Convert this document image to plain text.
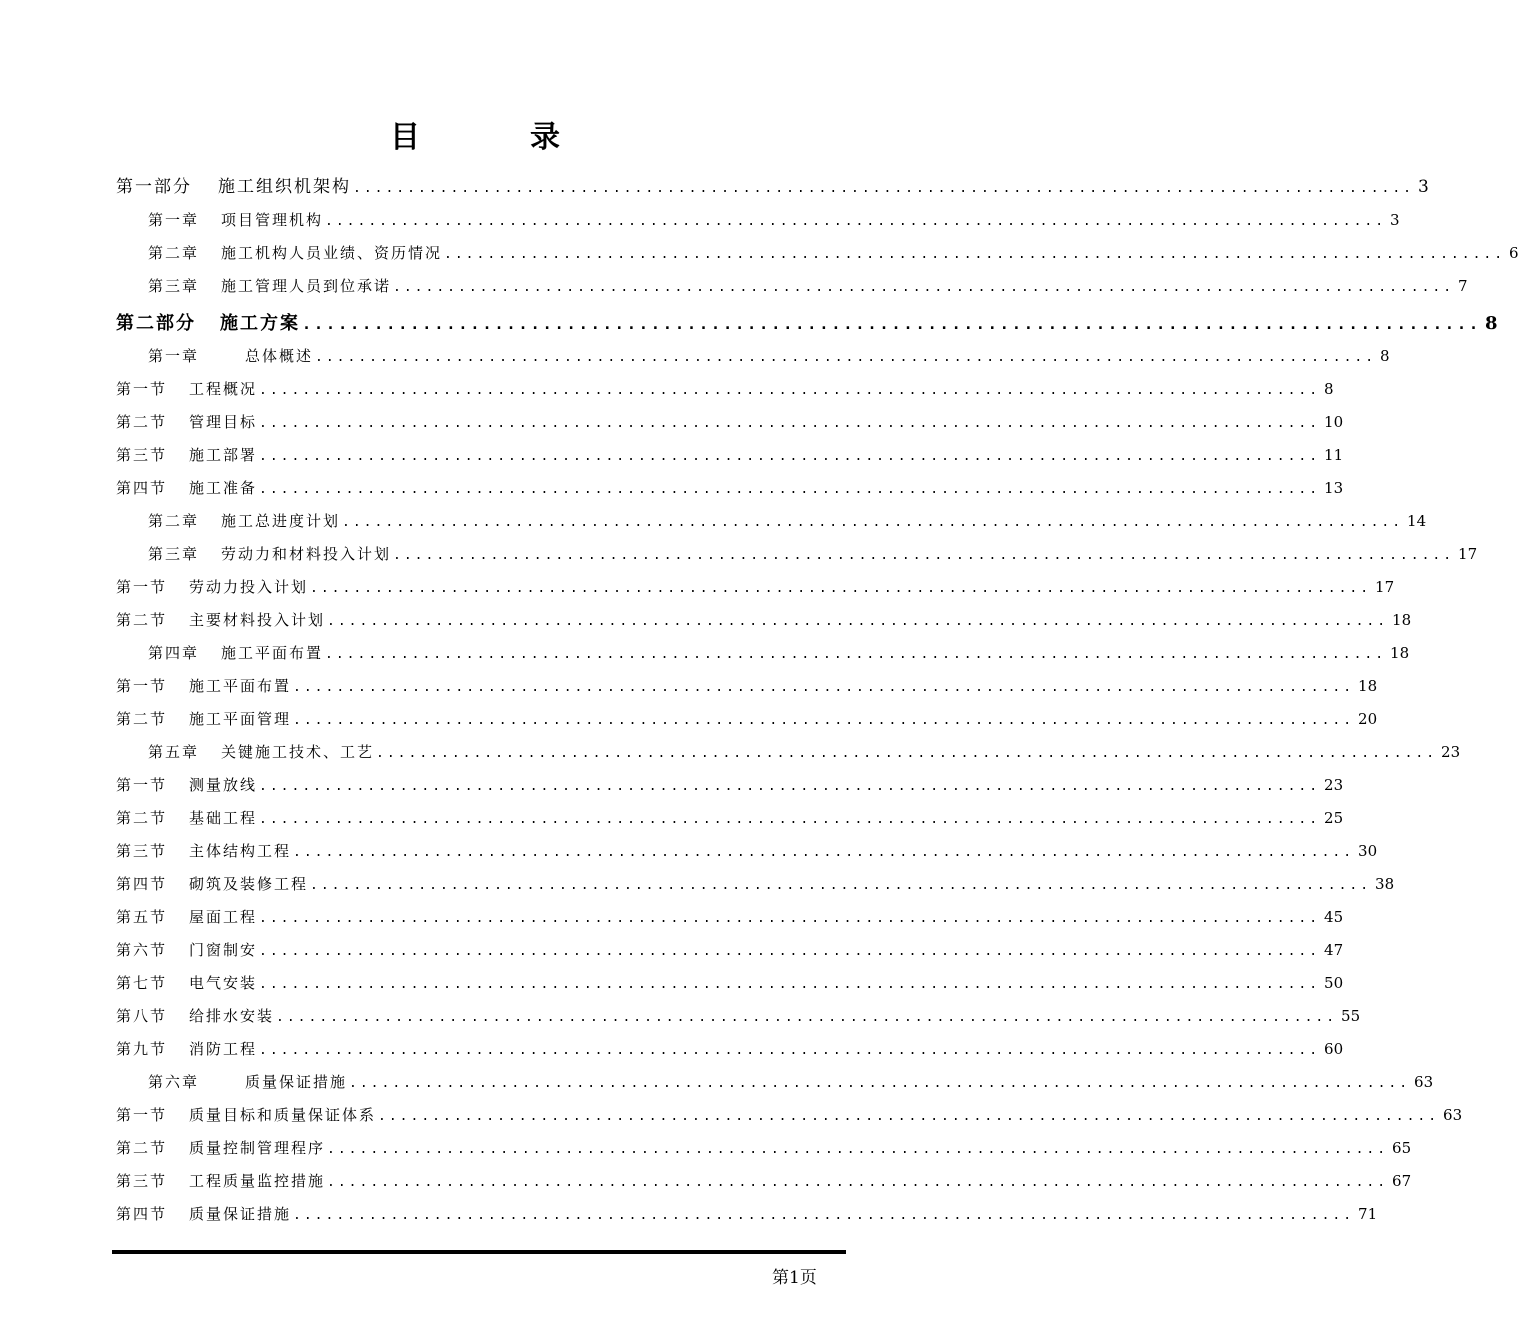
目　录
第一部分 施工组织机架构 .................................................................................................. 3
第一章 项目管理机构 .................................................................................................. 3
第二章 施工机构人员业绩、资历情况 .................................................................................................. 6
第三章 施工管理人员到位承诺 .................................................................................................. 7
第二部分 施工方案 .................................................................................................. 8
第一章	总体概述 .................................................................................................. 8
第一节 工程概况 .................................................................................................. 8
第二节 管理目标 .................................................................................................. 10
第三节 施工部署 .................................................................................................. 11
第四节 施工准备 .................................................................................................. 13
第二章 施工总进度计划 .................................................................................................. 14
第三章 劳动力和材料投入计划 .................................................................................................. 17
第一节 劳动力投入计划 .................................................................................................. 17
第二节 主要材料投入计划 .................................................................................................. 18
第四章 施工平面布置 .................................................................................................. 18
第一节 施工平面布置 .................................................................................................. 18
第二节 施工平面管理 .................................................................................................. 20
第五章 关键施工技术、工艺 .................................................................................................. 23
第一节 测量放线 .................................................................................................. 23
第二节 基础工程 .................................................................................................. 25
第三节 主体结构工程 .................................................................................................. 30
第四节 砌筑及装修工程 .................................................................................................. 38
第五节 屋面工程 .................................................................................................. 45
第六节 门窗制安 .................................................................................................. 47
第七节 电气安装 .................................................................................................. 50
第八节 给排水安装 .................................................................................................. 55
第九节 消防工程 .................................................................................................. 60
第六章	质量保证措施 .................................................................................................. 63
第一节 质量目标和质量保证体系 .................................................................................................. 63
第二节 质量控制管理程序 .................................................................................................. 65
第三节 工程质量监控措施 .................................................................................................. 67
第四节 质量保证措施 .................................................................................................. 71
第1页
